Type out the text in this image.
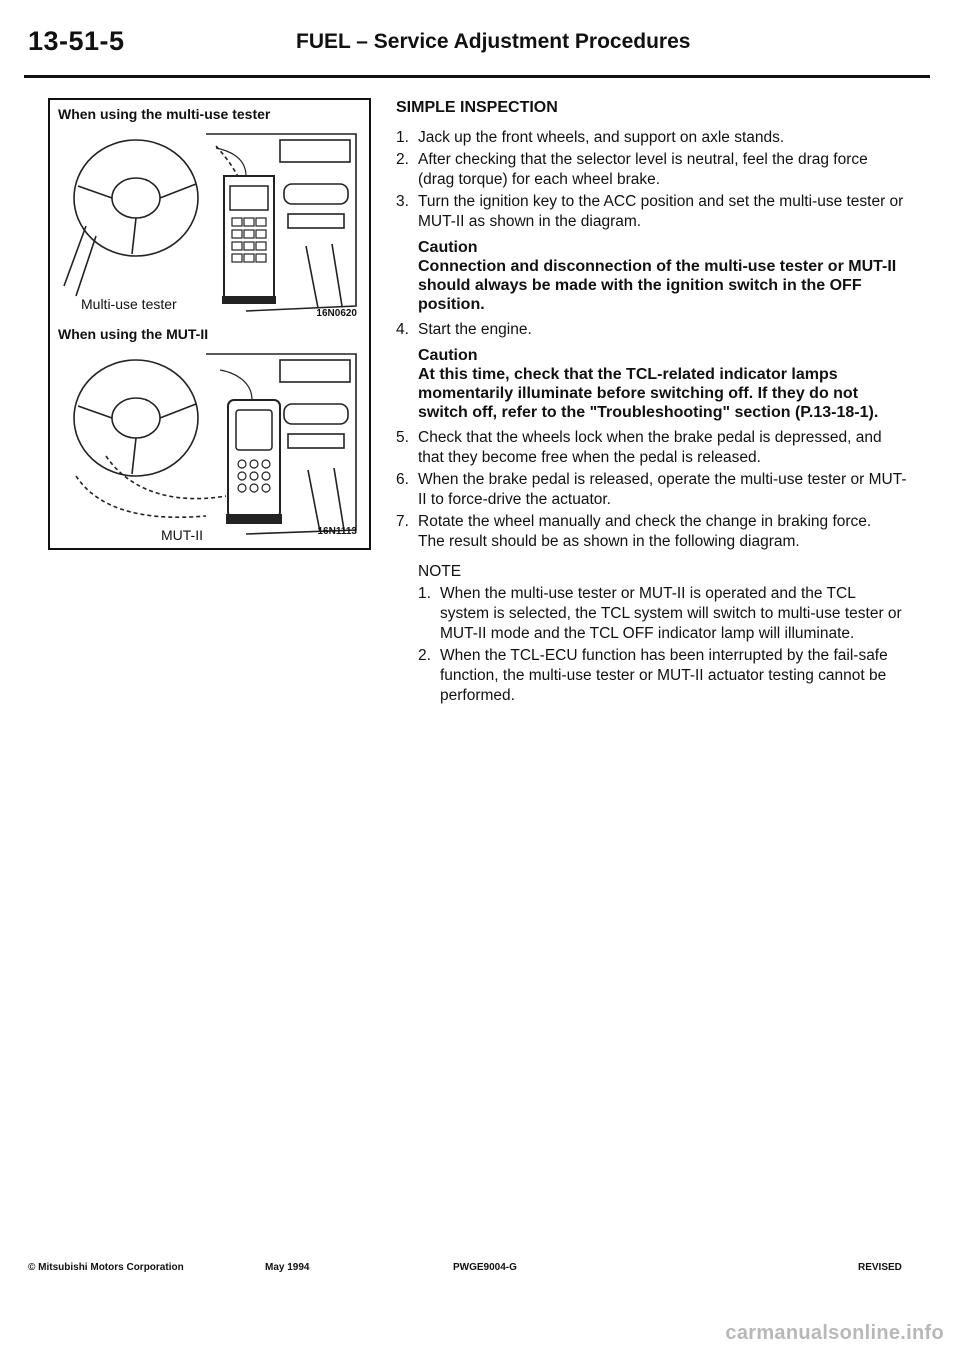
13-51-5	FUEL – Service Adjustment Procedures
When using the multi-use tester
Multi-use tester
16N0620
When using the MUT-II
MUT-II	16N1113
SIMPLE INSPECTION
1. Jack up the front wheels, and support on axle stands.
2. After checking that the selector level is neutral, feel the drag force (drag torque) for each wheel brake.
3. Turn the ignition key to the ACC position and set the multi-use tester or MUT-II as shown in the diagram.
Caution
Connection and disconnection of the multi-use tester or MUT-II should always be made with the ignition switch in the OFF position.
4. Start the engine.
Caution
At this time, check that the TCL-related indicator lamps momentarily illuminate before switching off. If they do not switch off, refer to the "Troubleshooting" section (P.13-18-1).
5. Check that the wheels lock when the brake pedal is depressed, and that they become free when the pedal is released.
6. When the brake pedal is released, operate the multi-use tester or MUT-II to force-drive the actuator.
7. Rotate the wheel manually and check the change in braking force.
The result should be as shown in the following diagram.
NOTE
1. When the multi-use tester or MUT-II is operated and the TCL system is selected, the TCL system will switch to multi-use tester or MUT-II mode and the TCL OFF indicator lamp will illuminate.
2. When the TCL-ECU function has been interrupted by the fail-safe function, the multi-use tester or MUT-II actuator testing cannot be performed.
© Mitsubishi Motors Corporation	May 1994	PWGE9004-G	REVISED
carmanualsonline.info
